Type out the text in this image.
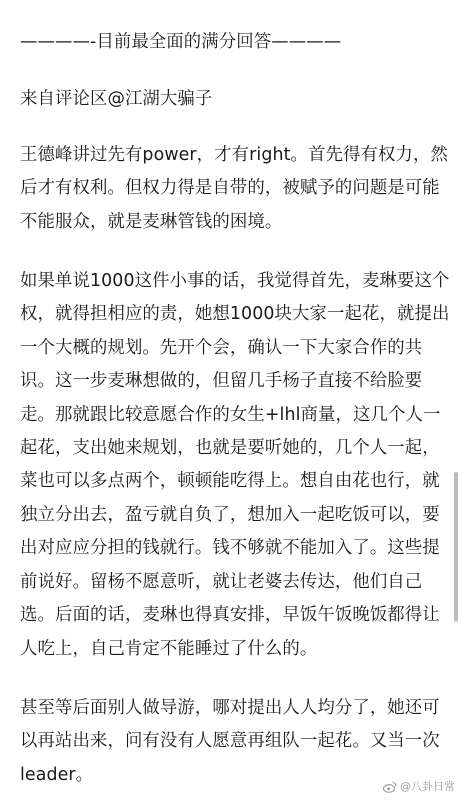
————-目前最全面的满分回答————

来自评论区@江湖大骗子

王德峰讲过先有power，才有right。首先得有权力，然

后才有权利。但权力得是自带的，被赋予的问题是可能

不能服众，就是麦琳管钱的困境。

如果单说1000这件小事的话，我觉得首先，麦琳要这个

权，就得担相应的责，她想1000块大家一起花，就提出

一个大概的规划。先开个会，确认一下大家合作的共

识。这一步麦琳想做的，但留几手杨子直接不给脸要

走。那就跟比较意愿合作的女生+lhl商量，这几个人一

起花，支出她来规划，也就是要听她的，几个人一起，

菜也可以多点两个，顿顿能吃得上。想自由花也行，就

独立分出去，盈亏就自负了，想加入一起吃饭可以，要

出对应应分担的钱就行。钱不够就不能加入了。这些提

前说好。留杨不愿意听，就让老婆去传达，他们自己

选。后面的话，麦琳也得真安排，早饭午饭晚饭都得让

人吃上，自己肯定不能睡过了什么的。

甚至等后面别人做导游，哪对提出人人均分了，她还可

以再站出来，问有没有人愿意再组队一起花。又当一次

leader。

@八卦日常
